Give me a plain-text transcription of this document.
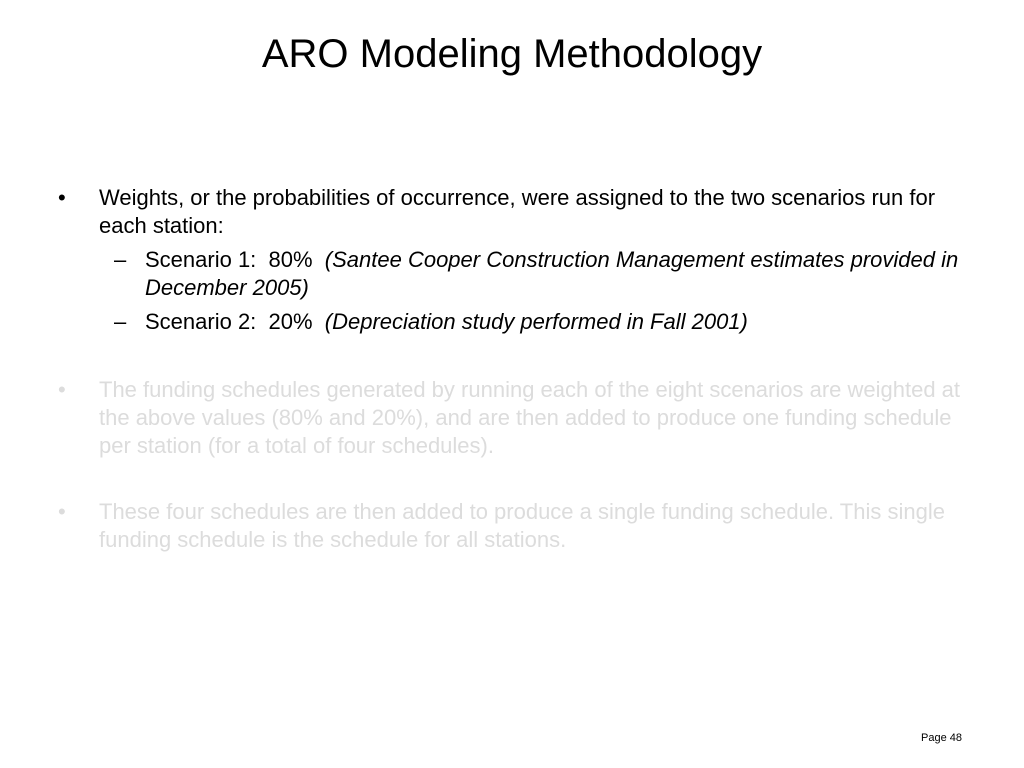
ARO Modeling Methodology
•	Weights, or the probabilities of occurrence, were assigned to the two scenarios run for each station:
– Scenario 1:  80%  (Santee Cooper Construction Management estimates provided in December 2005)
– Scenario 2:  20%  (Depreciation study performed in Fall 2001)
•	The funding schedules generated by running each of the eight scenarios are weighted at the above values (80% and 20%), and are then added to produce one funding schedule per station (for a total of four schedules).
•	These four schedules are then added to produce a single funding schedule. This single funding schedule is the schedule for all stations.
Page 48
